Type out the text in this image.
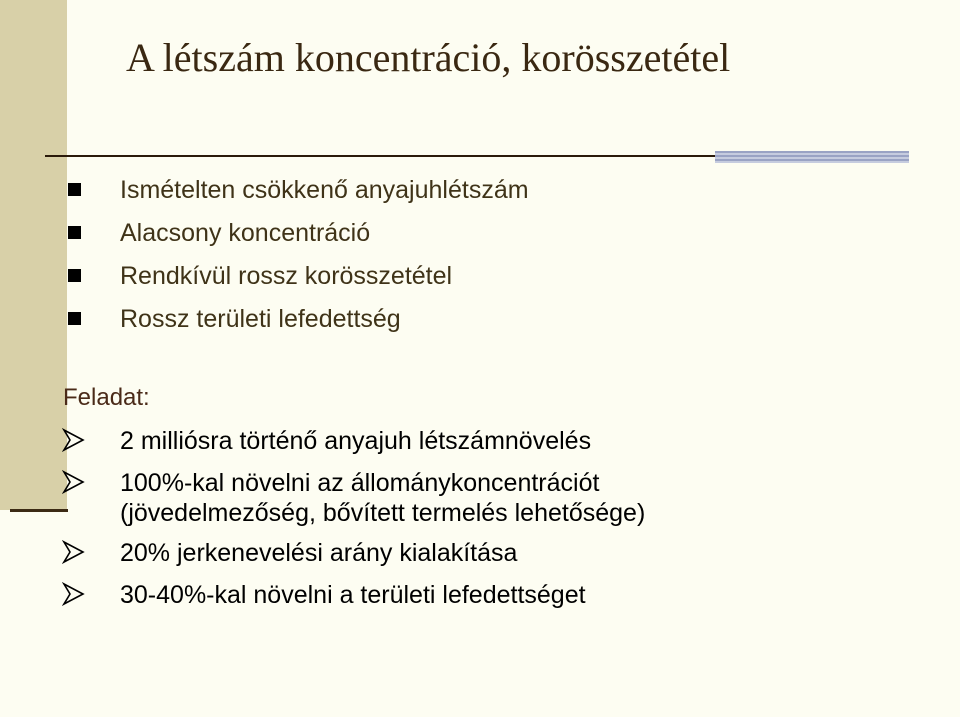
A létszám koncentráció, korösszetétel
Ismételten csökkenő anyajuhlétszám
Alacsony koncentráció
Rendkívül rossz korösszetétel
Rossz területi lefedettség
Feladat:
2 milliósra történő anyajuh létszámnövelés
100%-kal növelni az állománykoncentrációt
(jövedelmezőség, bővített termelés lehetősége)
20% jerkenevelési arány kialakítása
30-40%-kal növelni a területi lefedettséget
